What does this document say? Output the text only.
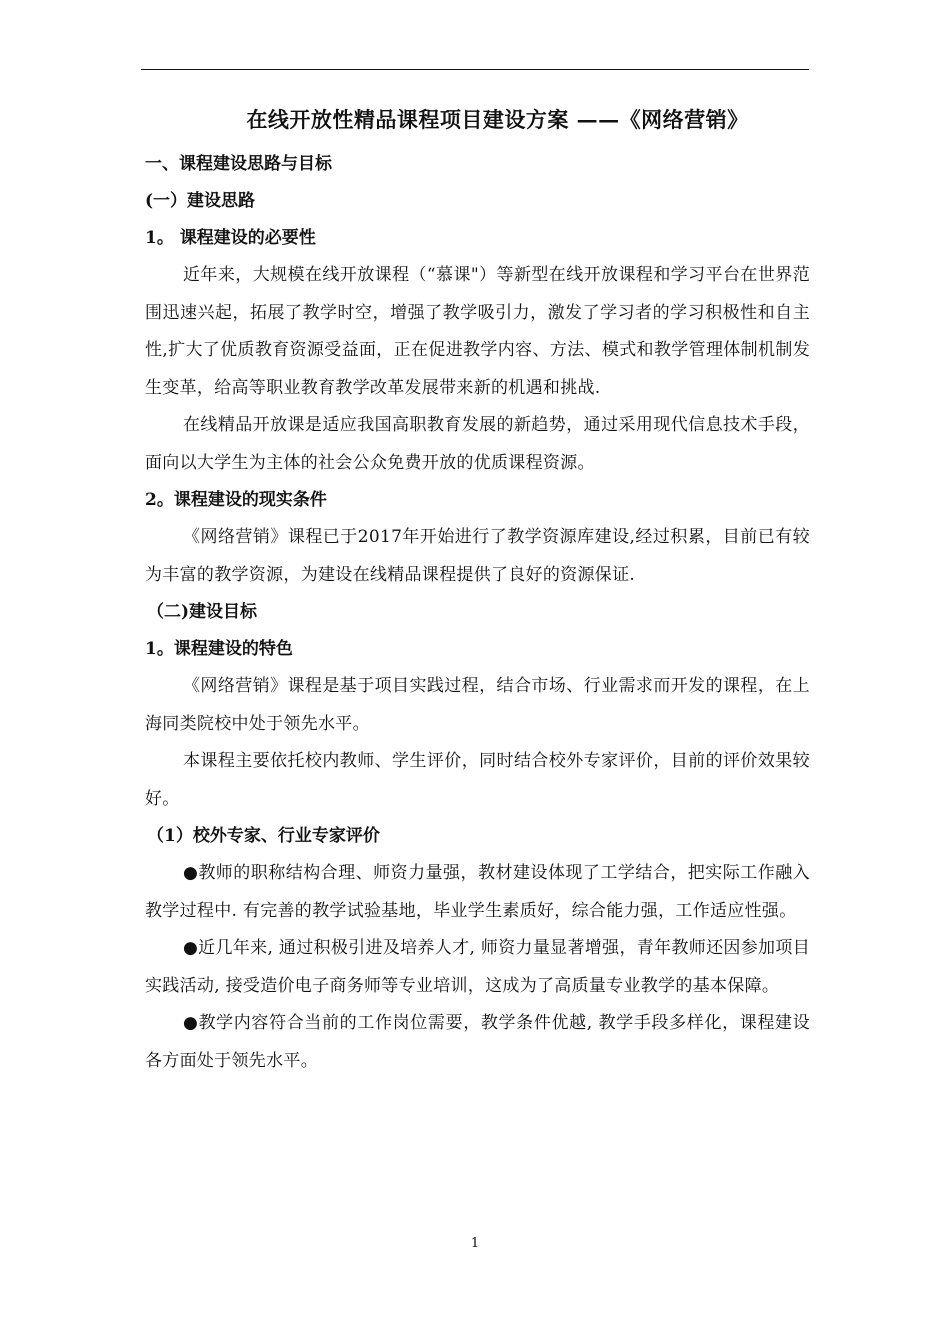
在线开放性精品课程项目建设方案 ——《网络营销》
一、课程建设思路与目标
(一）建设思路
1。 课程建设的必要性

近年来，大规模在线开放课程（“慕课"）等新型在线开放课程和学习平台在世界范围迅速兴起，拓展了教学时空，增强了教学吸引力，激发了学习者的学习积极性和自主性,扩大了优质教育资源受益面，正在促进教学内容、方法、模式和教学管理体制机制发生变革，给高等职业教育教学改革发展带来新的机遇和挑战.

在线精品开放课是适应我国高职教育发展的新趋势，通过采用现代信息技术手段，面向以大学生为主体的社会公众免费开放的优质课程资源。

2。课程建设的现实条件

《网络营销》课程已于2017年开始进行了教学资源库建设,经过积累，目前已有较为丰富的教学资源，为建设在线精品课程提供了良好的资源保证.

（二)建设目标
1。课程建设的特色

《网络营销》课程是基于项目实践过程，结合市场、行业需求而开发的课程，在上海同类院校中处于领先水平。

本课程主要依托校内教师、学生评价，同时结合校外专家评价，目前的评价效果较好。

（1）校外专家、行业专家评价

●教师的职称结构合理、师资力量强，教材建设体现了工学结合，把实际工作融入教学过程中. 有完善的教学试验基地，毕业学生素质好，综合能力强，工作适应性强。

●近几年来, 通过积极引进及培养人才, 师资力量显著增强，青年教师还因参加项目实践活动, 接受造价电子商务师等专业培训，这成为了高质量专业教学的基本保障。

●教学内容符合当前的工作岗位需要，教学条件优越, 教学手段多样化，课程建设各方面处于领先水平。

1
